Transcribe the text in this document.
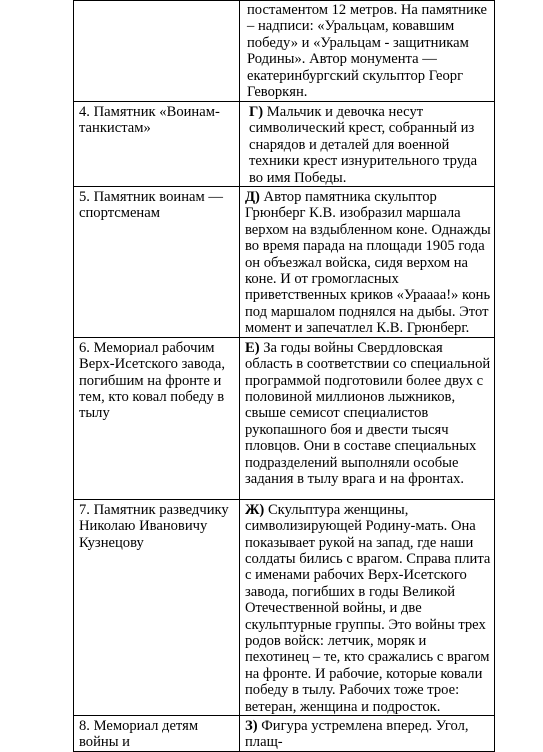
	постаментом 12 метров. На памятнике – надписи: «Уральцам, ковавшим победу» и «Уральцам - защитникам Родины». Автор монумента — екатеринбургский скульптор Георг Геворкян.
4. Памятник «Воинам-танкистам»	Г) Мальчик и девочка несут символический крест, собранный из снарядов и деталей для военной техники крест изнурительного труда во имя Победы.
5. Памятник воинам — спортсменам	Д) Автор памятника скульптор Грюнберг К.В. изобразил маршала верхом на вздыбленном коне. Однажды во время парада на площади 1905 года он объезжал войска, сидя верхом на коне. И от громогласных приветственных криков «Ураааа!» конь под маршалом поднялся на дыбы. Этот момент и запечатлел К.В. Грюнберг.
6. Мемориал рабочим Верх-Исетского завода, погибшим на фронте и тем, кто ковал победу в тылу	Е) За годы войны Свердловская область в соответствии со специальной программой подготовили более двух с половиной миллионов лыжников, свыше семисот специалистов рукопашного боя и двести тысяч пловцов. Они в составе специальных подразделений выполняли особые задания в тылу врага и на фронтах.
7. Памятник разведчику Николаю Ивановичу Кузнецову	Ж) Скульптура женщины, символизирующей Родину-мать. Она показывает рукой на запад, где наши солдаты бились с врагом. Справа плита с именами рабочих Верх-Исетского завода, погибших в годы Великой Отечественной войны, и две скульптурные группы. Это войны трех родов войск: летчик, моряк и пехотинец – те, кто сражались с врагом на фронте. И рабочие, которые ковали победу в тылу. Рабочих тоже трое: ветеран, женщина и подросток.
8. Мемориал детям войны и	З) Фигура устремлена вперед. Угол, плащ-
